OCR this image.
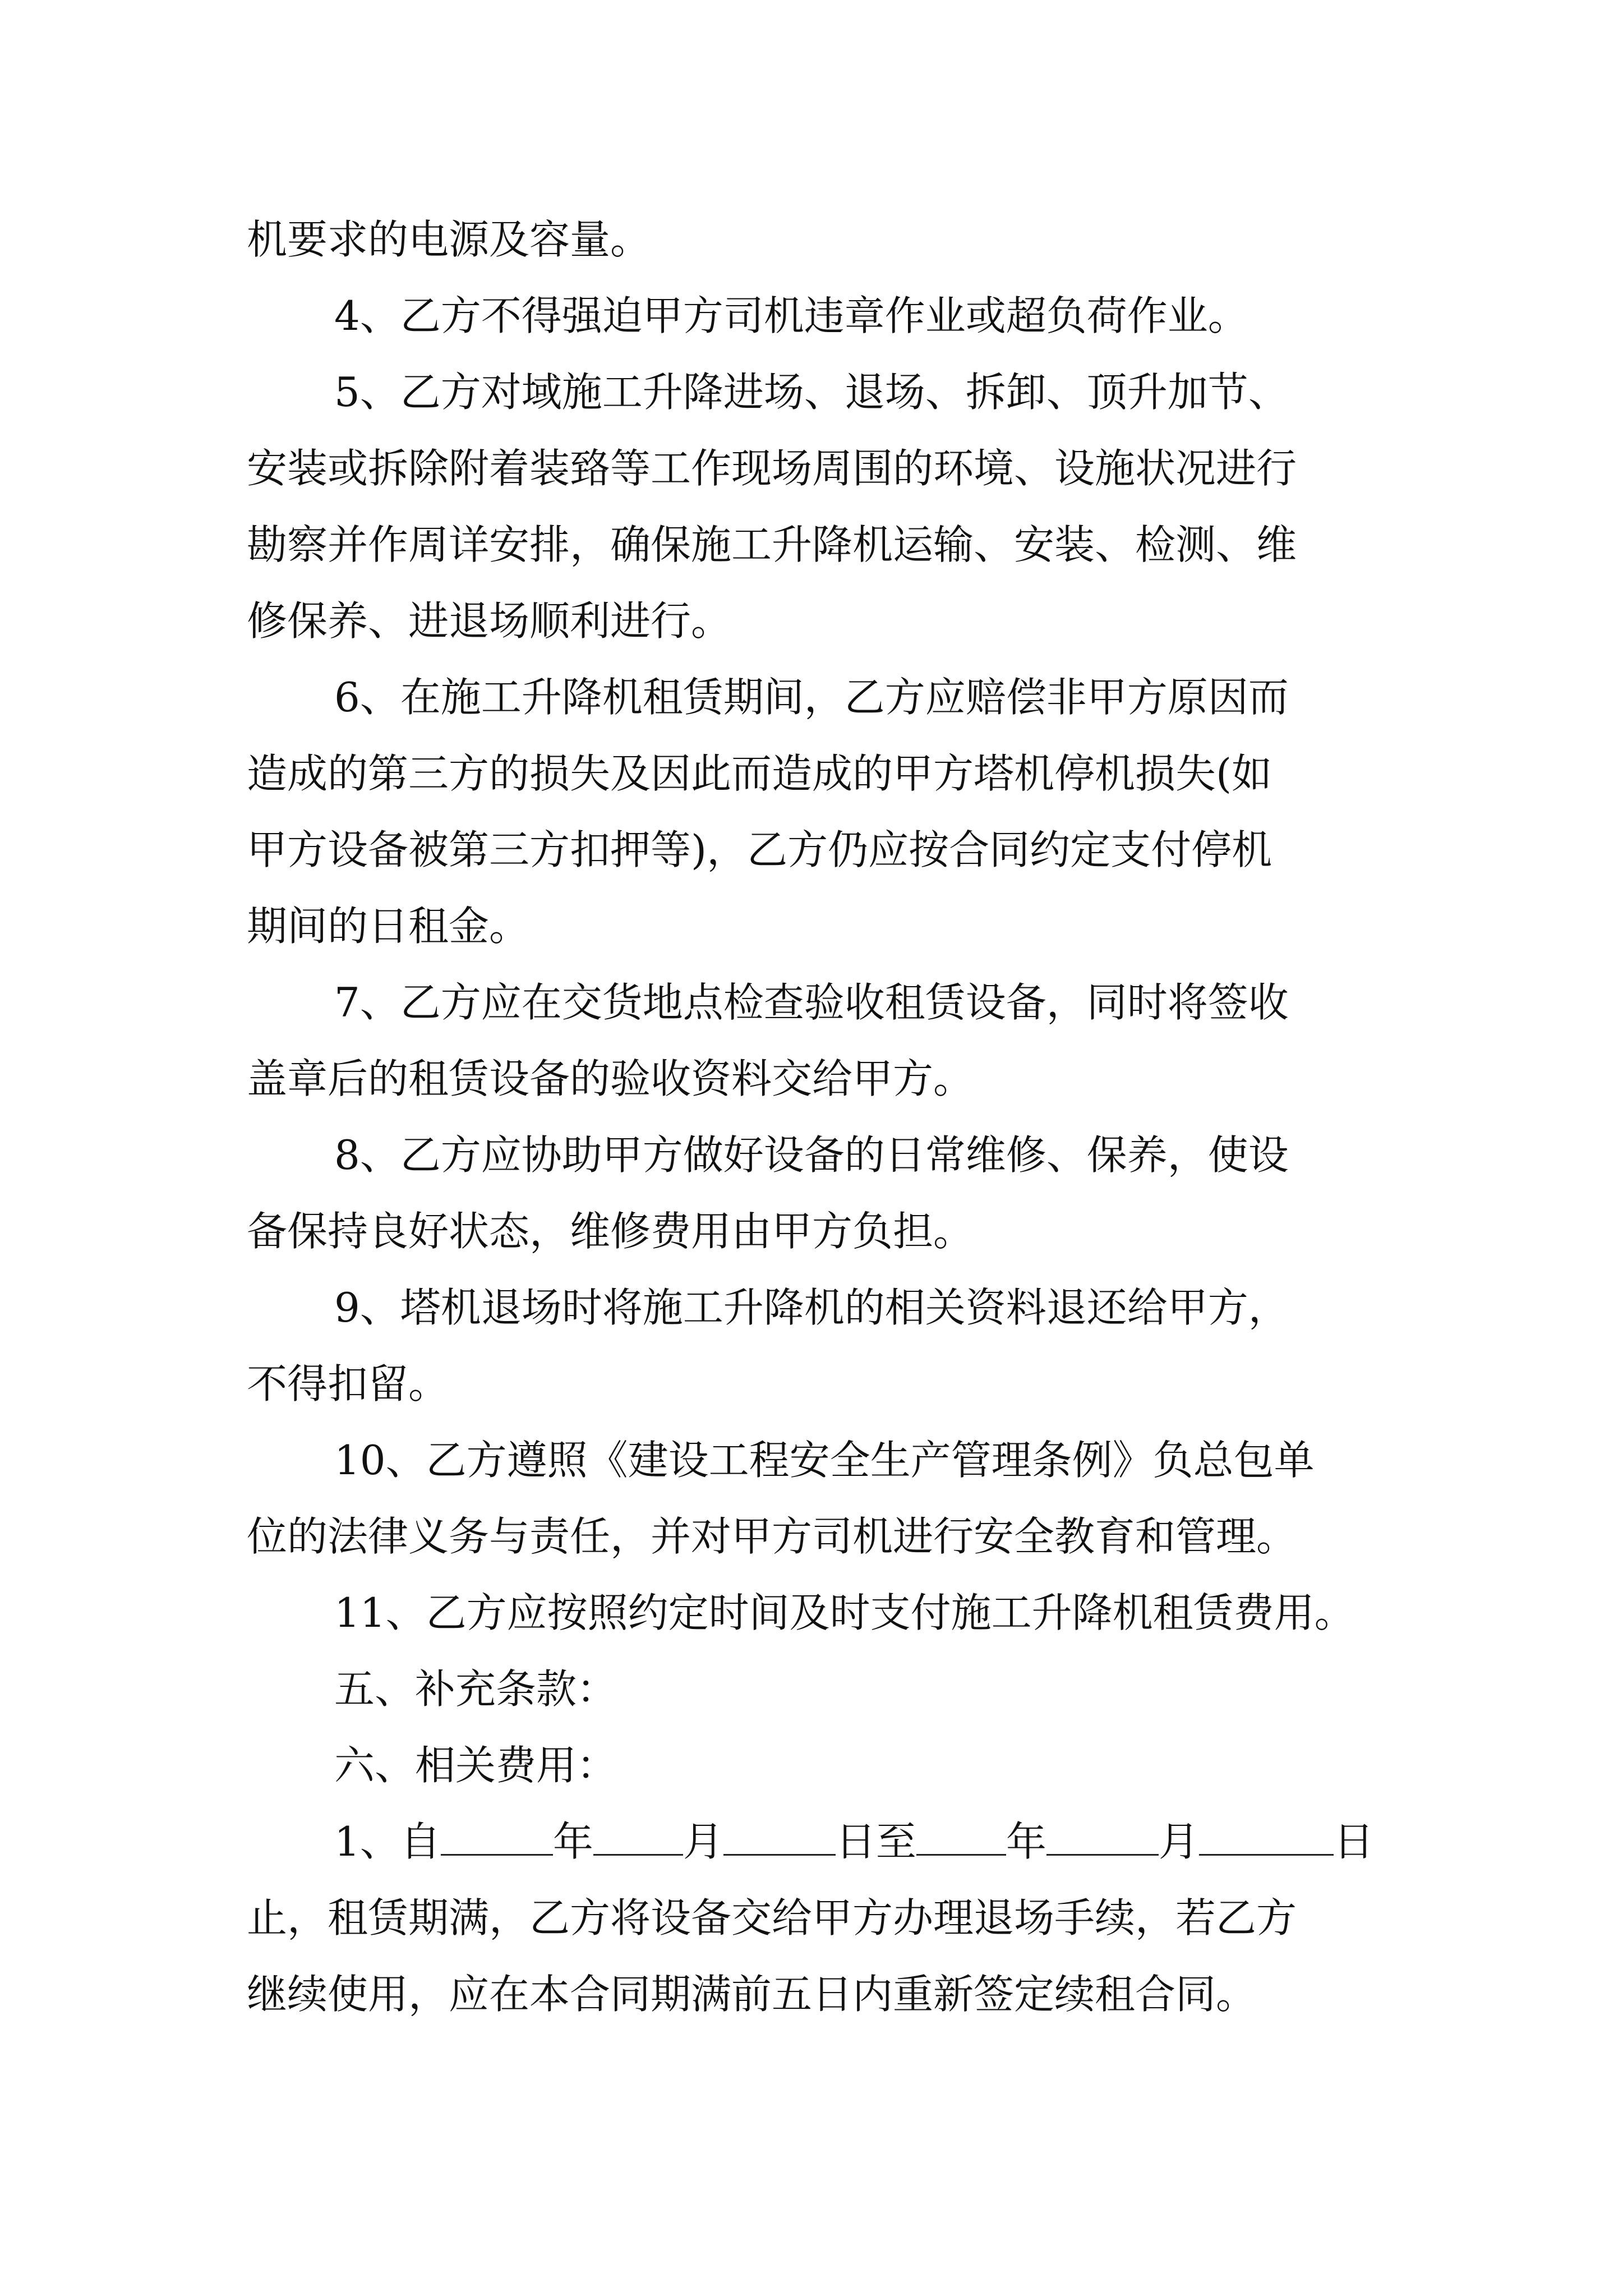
机要求的电源及容量。
4、乙方不得强迫甲方司机违章作业或超负荷作业。
5、乙方对域施工升降进场、退场、拆卸、顶升加节、
安装或拆除附着装臵等工作现场周围的环境、设施状况进行
勘察并作周详安排，确保施工升降机运输、安装、检测、维
修保养、进退场顺利进行。
6、在施工升降机租赁期间，乙方应赔偿非甲方原因而
造成的第三方的损失及因此而造成的甲方塔机停机损失(如
甲方设备被第三方扣押等)，乙方仍应按合同约定支付停机
期间的日租金。
7、乙方应在交货地点检查验收租赁设备，同时将签收
盖章后的租赁设备的验收资料交给甲方。
8、乙方应协助甲方做好设备的日常维修、保养，使设
备保持良好状态，维修费用由甲方负担。
9、塔机退场时将施工升降机的相关资料退还给甲方，
不得扣留。
10、乙方遵照《建设工程安全生产管理条例》负总包单
位的法律义务与责任，并对甲方司机进行安全教育和管理。
11、乙方应按照约定时间及时支付施工升降机租赁费用。
五、补充条款：
六、相关费用：
1、自	年 月	日至 年	月	日
止，租赁期满，乙方将设备交给甲方办理退场手续，若乙方
继续使用，应在本合同期满前五日内重新签定续租合同。
